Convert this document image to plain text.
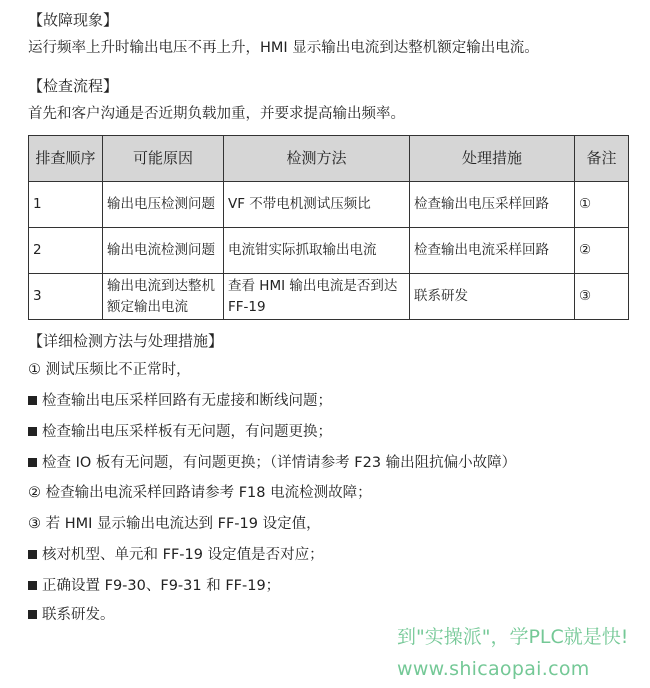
【故障现象】
运行频率上升时输出电压不再上升，HMI 显示输出电流到达整机额定输出电流。
【检查流程】
首先和客户沟通是否近期负载加重，并要求提高输出频率。
排查顺序	可能原因	检测方法	处理措施	备注
1	输出电压检测问题	VF 不带电机测试压频比	检查输出电压采样回路	①
2	输出电流检测问题	电流钳实际抓取输出电流	检查输出电流采样回路	②
3	输出电流到达整机额定输出电流	查看 HMI 输出电流是否到达 FF-19	联系研发	③
【详细检测方法与处理措施】
① 测试压频比不正常时，
检查输出电压采样回路有无虚接和断线问题；
检查输出电压采样板有无问题，有问题更换；
检查 IO 板有无问题，有问题更换；（详情请参考 F23 输出阻抗偏小故障）
② 检查输出电流采样回路请参考 F18 电流检测故障；
③ 若 HMI 显示输出电流达到 FF-19 设定值，
核对机型、单元和 FF-19 设定值是否对应；
正确设置 F9-30、F9-31 和 FF-19；
联系研发。
到"实操派"，学PLC就是快!
www.shicaopai.com
